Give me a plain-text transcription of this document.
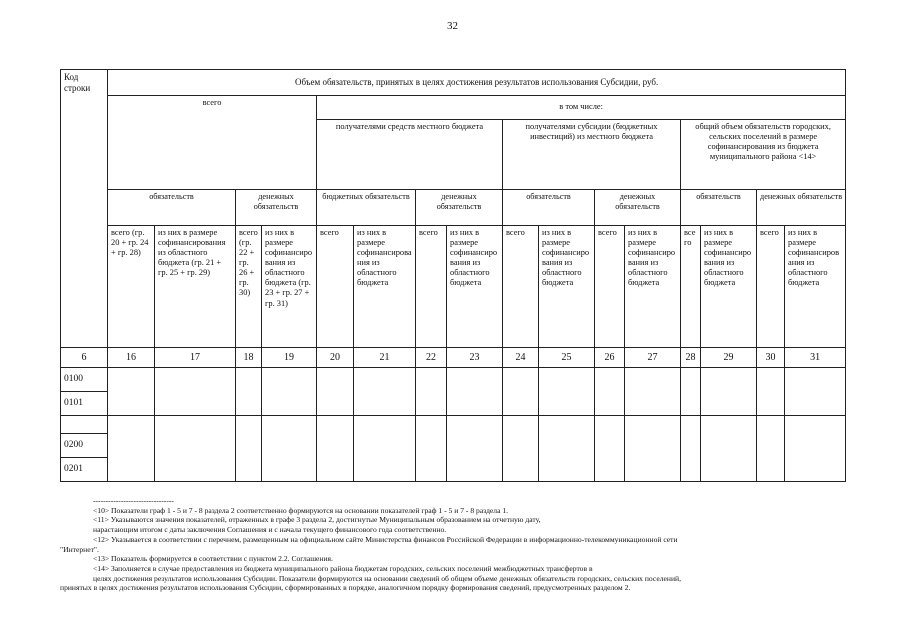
32
Код строки	Объем обязательств, принятых в целях достижения результатов использования Субсидии, руб.															
	всего				в том числе:											
					получателями средств местного бюджета				получателями субсидии (бюджетных инвестиций) из местного бюджета				общий объем обязательств городских, сельских поселений в размере софинансирования из бюджета муниципального района <14>			
	обязательств		денежных обязательств		бюджетных обязательств		денежных обязательств		обязательств		денежных обязательств		обязательств		денежных обязательств	
	всего (гр. 20 + гр. 24 + гр. 28)	из них в размере софинансирования из областного бюджета (гр. 21 + гр. 25 + гр. 29)	всего (гр. 22 + гр. 26 + гр. 30)	из них в размере софинансирования из областного бюджета (гр. 23 + гр. 27 + гр. 31)	всего	из них в размере софинансирования из областного бюджета	всего	из них в размере софинансирования из областного бюджета	всего	из них в размере софинансирования из областного бюджета	всего	из них в размере софинансирования из областного бюджета	всего	из них в размере софинансирования из областного бюджета	всего	из них в размере софинансирования из областного бюджета
6	16	17	18	19	20	21	22	23	24	25	26	27	28	29	30	31
0100																
0101																

0200																
0201																

--------------------------------

<10> Показатели граф 1 - 5 и 7 - 8 раздела 2 соответственно формируются на основании показателей граф 1 - 5 и 7 - 8 раздела 1.

<11> Указываются значения показателей, отраженных в графе 3 раздела 2, достигнутые Муниципальным образованием на отчетную дату,

нарастающим итогом с даты заключения Соглашения и с начала текущего финансового года соответственно.

<12> Указывается в соответствии с перечнем, размещенным на официальном сайте Министерства финансов Российской Федерации в информационно-телекоммуникационной сети

"Интернет".

<13> Показатель формируется в соответствии с пунктом 2.2. Соглашения.

<14> Заполняется в случае предоставления из бюджета муниципального района бюджетам городских, сельских поселений межбюджетных трансфертов в

целях достижения результатов использования Субсидии. Показатели формируются на основании сведений об общем объеме денежных обязательств городских, сельских поселений,

принятых в целях достижения результатов использования Субсидии, сформированных в порядке, аналогичном порядку формирования сведений, предусмотренных разделом 2.
